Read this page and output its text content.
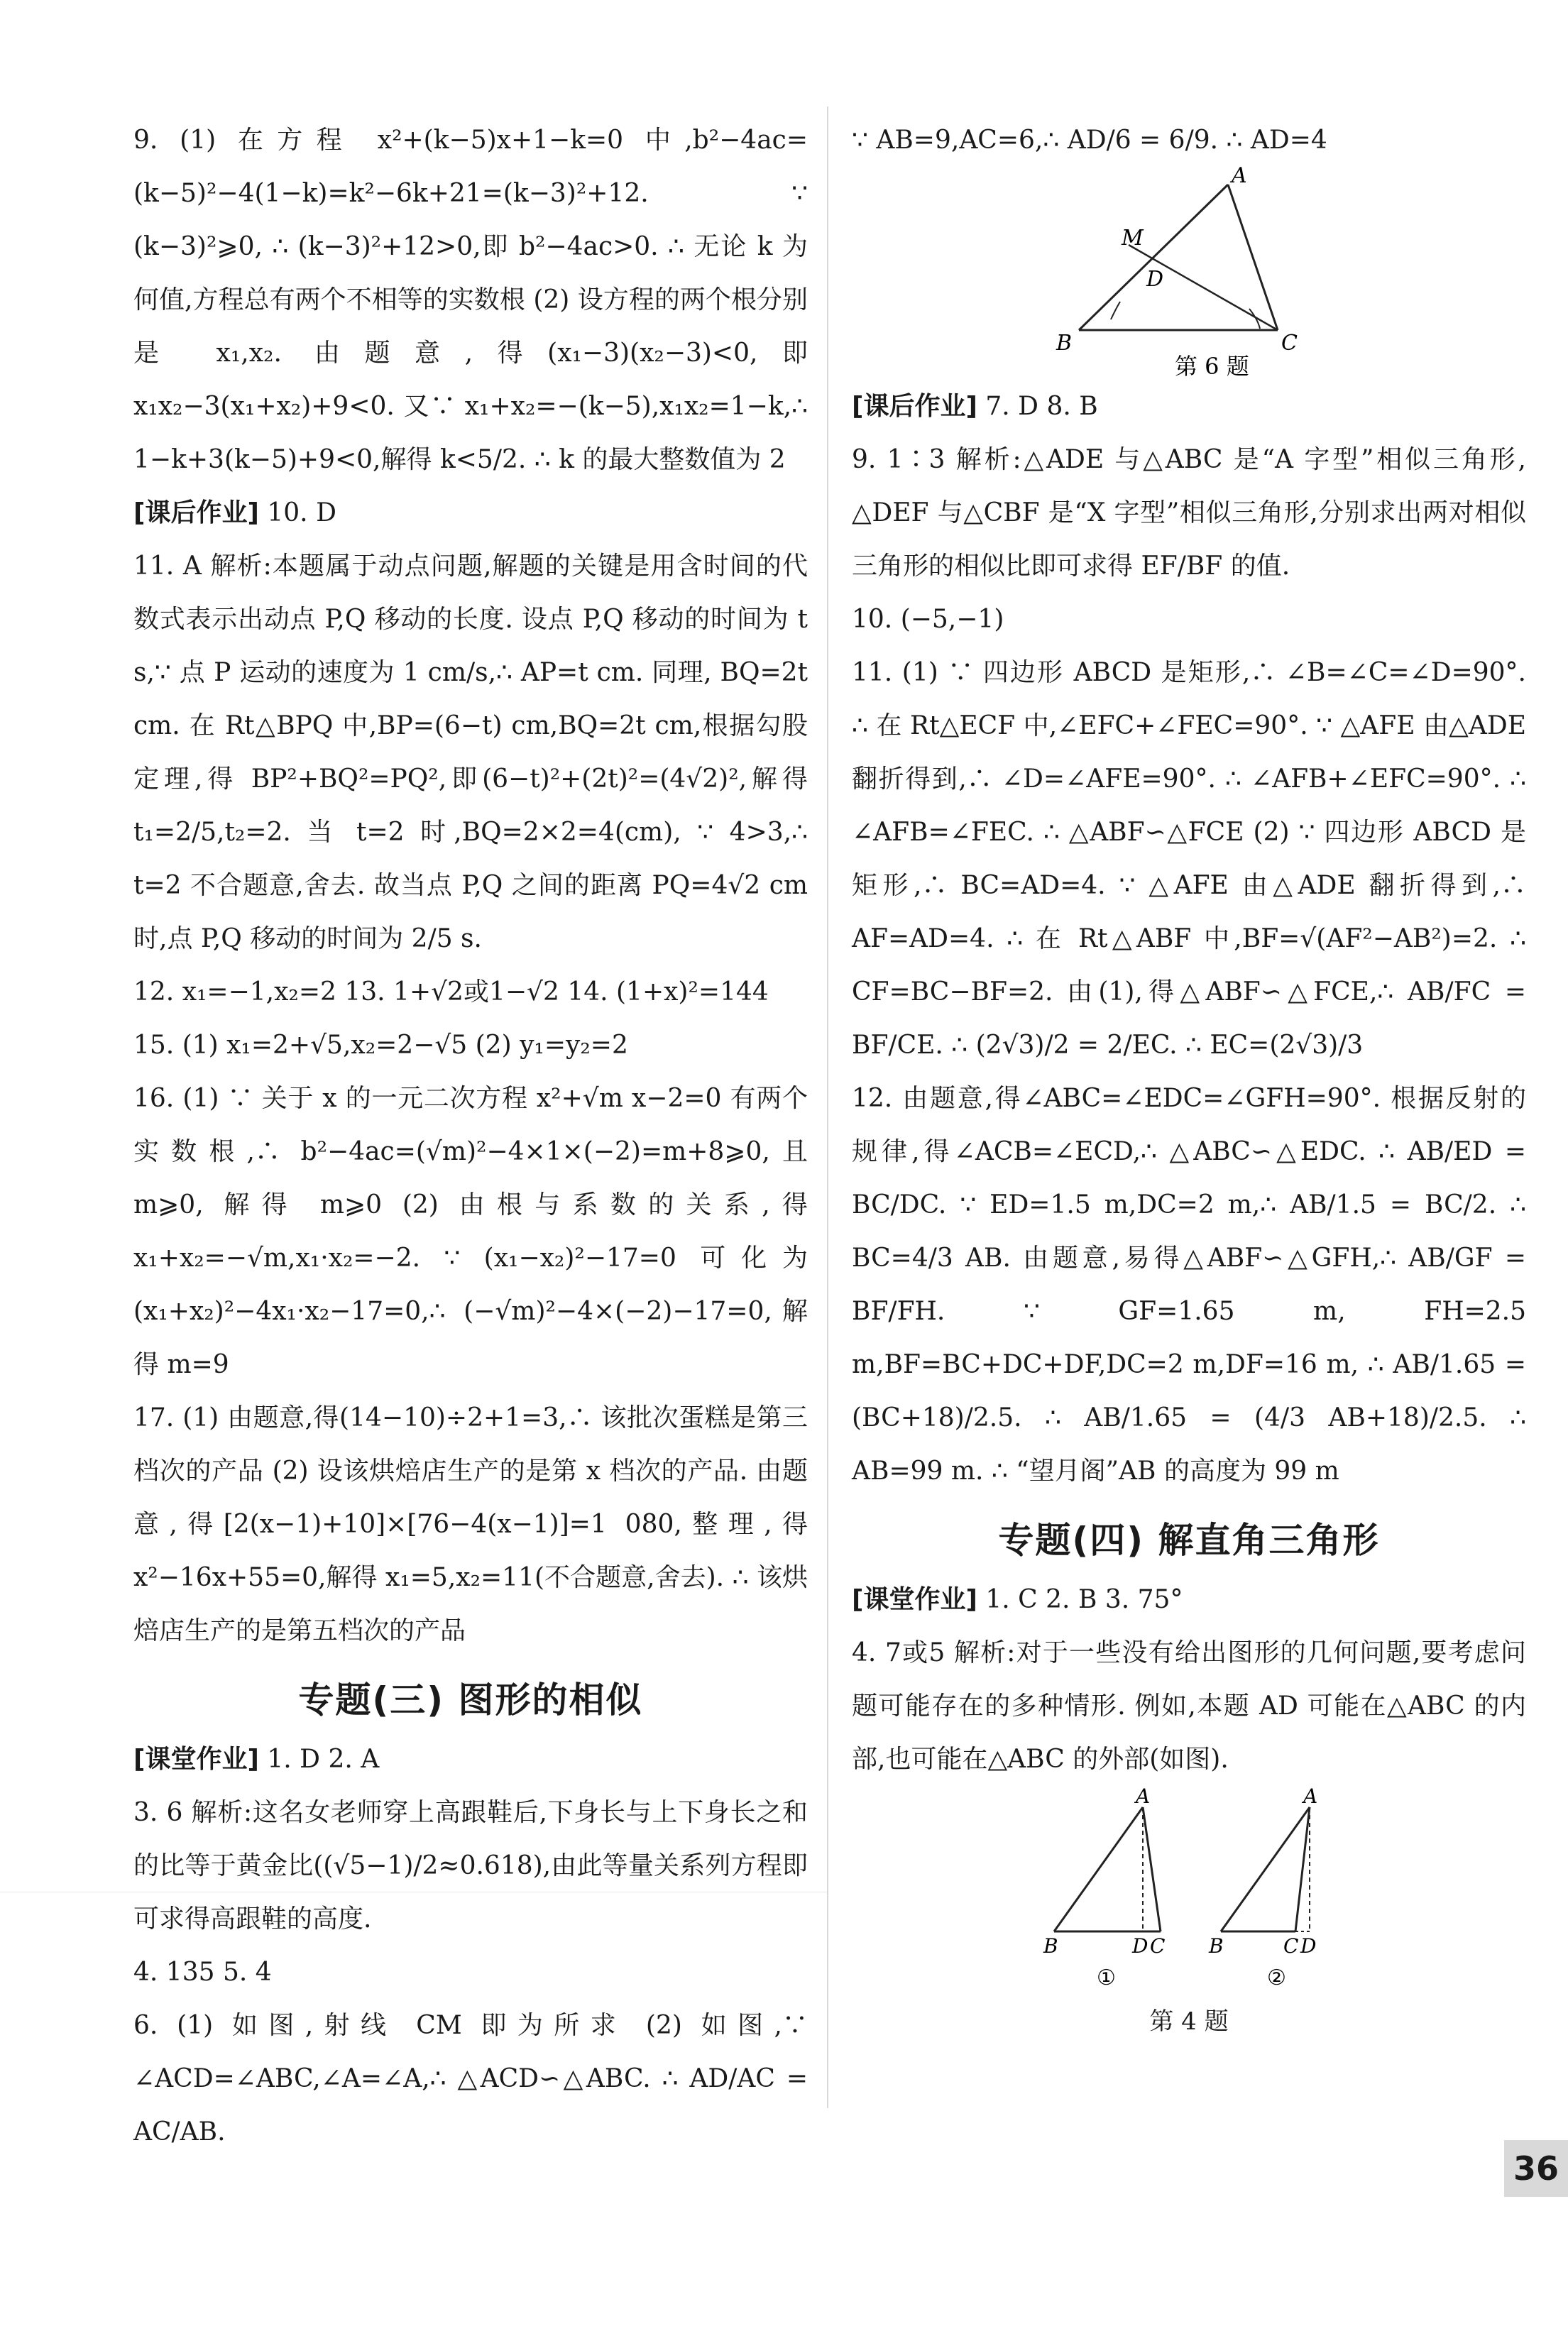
9. (1) 在方程 x²+(k−5)x+1−k=0 中,b²−4ac=(k−5)²−4(1−k)=k²−6k+21=(k−3)²+12. ∵ (k−3)²⩾0, ∴ (k−3)²+12>0,即 b²−4ac>0. ∴ 无论 k 为何值,方程总有两个不相等的实数根 (2) 设方程的两个根分别是 x₁,x₂. 由题意,得(x₁−3)(x₂−3)<0,即 x₁x₂−3(x₁+x₂)+9<0. 又∵ x₁+x₂=−(k−5),x₁x₂=1−k,∴ 1−k+3(k−5)+9<0,解得 k<5/2. ∴ k 的最大整数值为 2

[课后作业] 10. D

11. A 解析:本题属于动点问题,解题的关键是用含时间的代数式表示出动点 P,Q 移动的长度. 设点 P,Q 移动的时间为 t s,∵ 点 P 运动的速度为 1 cm/s,∴ AP=t cm. 同理, BQ=2t cm. 在 Rt△BPQ 中,BP=(6−t) cm,BQ=2t cm,根据勾股定理,得 BP²+BQ²=PQ²,即(6−t)²+(2t)²=(4√2)²,解得 t₁=2/5,t₂=2. 当 t=2 时,BQ=2×2=4(cm), ∵ 4>3,∴ t=2 不合题意,舍去. 故当点 P,Q 之间的距离 PQ=4√2 cm 时,点 P,Q 移动的时间为 2/5 s.

12. x₁=−1,x₂=2 13. 1+√2或1−√2 14. (1+x)²=144

15. (1) x₁=2+√5,x₂=2−√5 (2) y₁=y₂=2

16. (1) ∵ 关于 x 的一元二次方程 x²+√m x−2=0 有两个实数根,∴ b²−4ac=(√m)²−4×1×(−2)=m+8⩾0,且 m⩾0, 解得 m⩾0 (2) 由根与系数的关系,得 x₁+x₂=−√m,x₁·x₂=−2. ∵ (x₁−x₂)²−17=0 可化为(x₁+x₂)²−4x₁·x₂−17=0,∴ (−√m)²−4×(−2)−17=0,解得 m=9

17. (1) 由题意,得(14−10)÷2+1=3,∴ 该批次蛋糕是第三档次的产品 (2) 设该烘焙店生产的是第 x 档次的产品. 由题意,得[2(x−1)+10]×[76−4(x−1)]=1 080,整理,得 x²−16x+55=0,解得 x₁=5,x₂=11(不合题意,舍去). ∴ 该烘焙店生产的是第五档次的产品

专题(三) 图形的相似

[课堂作业] 1. D 2. A

3. 6 解析:这名女老师穿上高跟鞋后,下身长与上下身长之和的比等于黄金比((√5−1)/2≈0.618),由此等量关系列方程即可求得高跟鞋的高度.

4. 135 5. 4

6. (1) 如图,射线 CM 即为所求 (2) 如图,∵ ∠ACD=∠ABC,∠A=∠A,∴ △ACD∽△ABC. ∴ AD/AC = AC/AB.

∵ AB=9,AC=6,∴ AD/6 = 6/9. ∴ AD=4

A
B	C
D
M
第 6 题

[课后作业] 7. D 8. B

9. 1∶3 解析:△ADE 与△ABC 是“A 字型”相似三角形, △DEF 与△CBF 是“X 字型”相似三角形,分别求出两对相似三角形的相似比即可求得 EF/BF 的值.

10. (−5,−1)

11. (1) ∵ 四边形 ABCD 是矩形,∴ ∠B=∠C=∠D=90°. ∴ 在 Rt△ECF 中,∠EFC+∠FEC=90°. ∵ △AFE 由△ADE 翻折得到,∴ ∠D=∠AFE=90°. ∴ ∠AFB+∠EFC=90°. ∴ ∠AFB=∠FEC. ∴ △ABF∽△FCE (2) ∵ 四边形 ABCD 是矩形,∴ BC=AD=4. ∵ △AFE 由△ADE 翻折得到,∴ AF=AD=4. ∴ 在 Rt△ABF 中,BF=√(AF²−AB²)=2. ∴ CF=BC−BF=2. 由(1),得△ABF∽△FCE,∴ AB/FC = BF/CE. ∴ (2√3)/2 = 2/EC. ∴ EC=(2√3)/3

12. 由题意,得∠ABC=∠EDC=∠GFH=90°. 根据反射的规律,得∠ACB=∠ECD,∴ △ABC∽△EDC. ∴ AB/ED = BC/DC. ∵ ED=1.5 m,DC=2 m,∴ AB/1.5 = BC/2. ∴ BC=4/3 AB. 由题意,易得△ABF∽△GFH,∴ AB/GF = BF/FH. ∵ GF=1.65 m, FH=2.5 m,BF=BC+DC+DF,DC=2 m,DF=16 m, ∴ AB/1.65 = (BC+18)/2.5. ∴ AB/1.65 = (4/3 AB+18)/2.5. ∴ AB=99 m. ∴ “望月阁”AB 的高度为 99 m

专题(四) 解直角三角形

[课堂作业] 1. C 2. B 3. 75°

4. 7或5 解析:对于一些没有给出图形的几何问题,要考虑问题可能存在的多种情形. 例如,本题 AD 可能在△ABC 的内部,也可能在△ABC 的外部(如图).

A
B	D C
①
A
B	C D
②
第 4 题
36
